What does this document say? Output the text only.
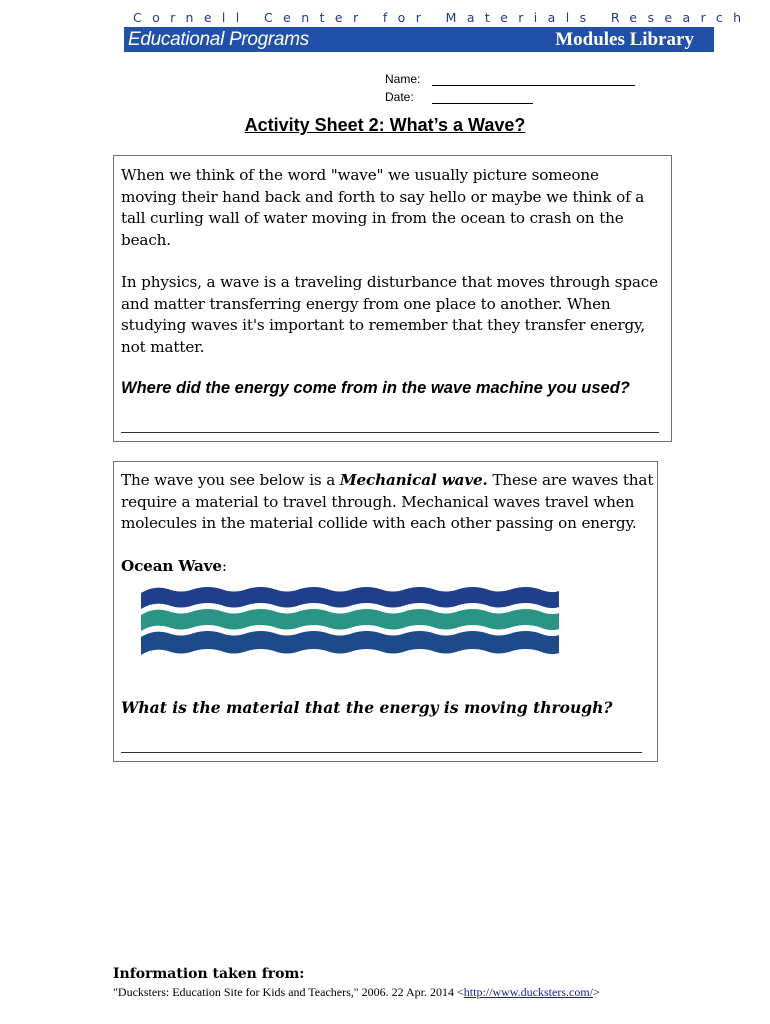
Cornell Center for Materials Research
Educational Programs	Modules Library
Name:
Date:
Activity Sheet 2: What’s a Wave?
When we think of the word "wave" we usually picture someone
moving their hand back and forth to say hello or maybe we think of a
tall curling wall of water moving in from the ocean to crash on the
beach.
In physics, a wave is a traveling disturbance that moves through space
and matter transferring energy from one place to another. When
studying waves it's important to remember that they transfer energy,
not matter.
Where did the energy come from in the wave machine you used?
The wave you see below is a Mechanical wave. These are waves that
require a material to travel through. Mechanical waves travel when
molecules in the material collide with each other passing on energy.
Ocean Wave:
What is the material that the energy is moving through?
Information taken from:
"Ducksters: Education Site for Kids and Teachers," 2006. 22 Apr. 2014 <http://www.ducksters.com/>
